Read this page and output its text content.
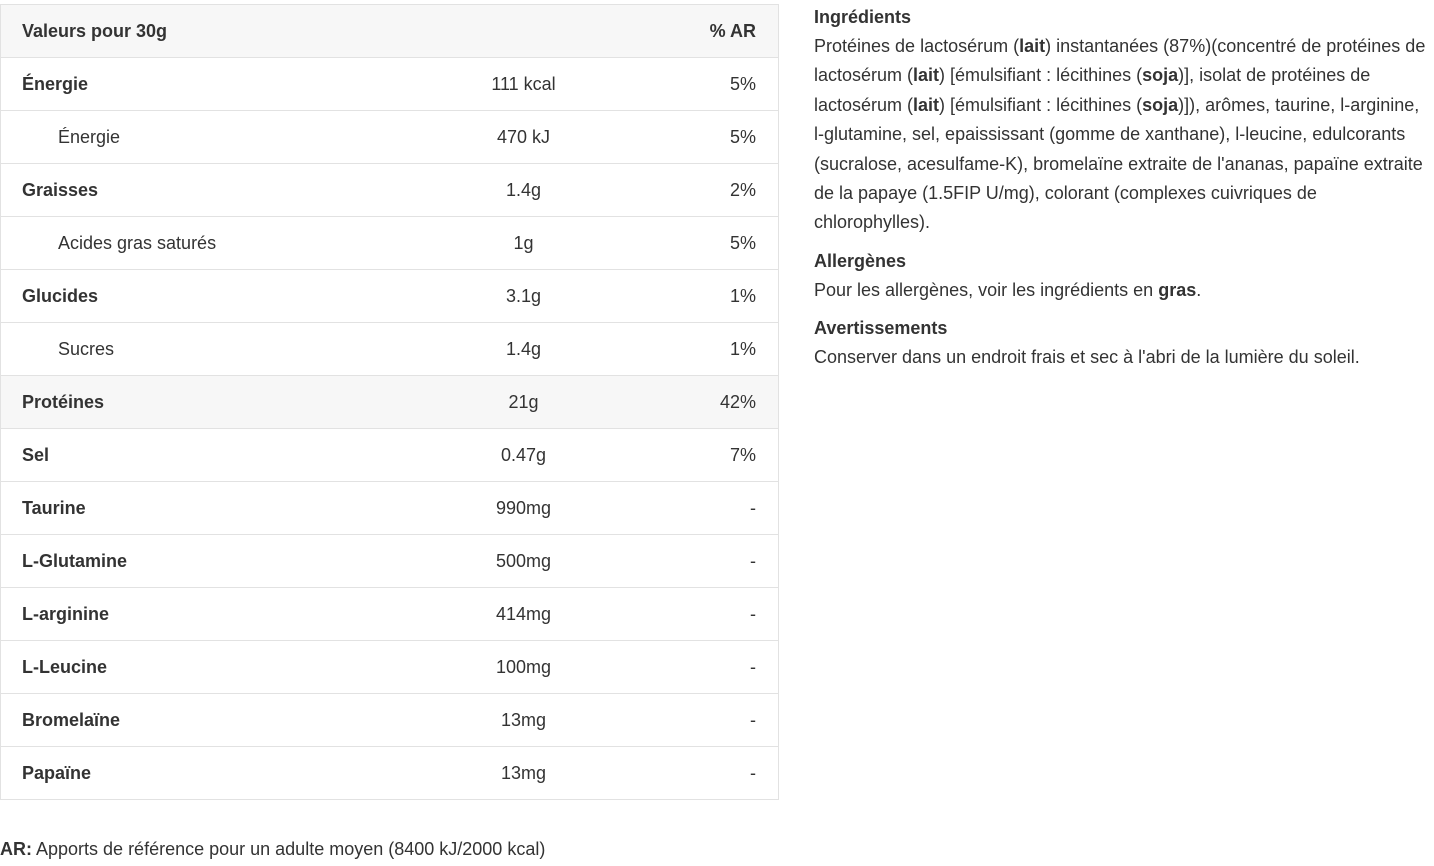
Valeurs pour 30g		% AR
Énergie	111 kcal	5%
Énergie	470 kJ	5%
Graisses	1.4g	2%
Acides gras saturés	1g	5%
Glucides	3.1g	1%
Sucres	1.4g	1%
Protéines	21g	42%
Sel	0.47g	7%
Taurine	990mg	-
L-Glutamine	500mg	-
L-arginine	414mg	-
L-Leucine	100mg	-
Bromelaïne	13mg	-
Papaïne	13mg	-
AR: Apports de référence pour un adulte moyen (8400 kJ/2000 kcal)
Ingrédients

Protéines de lactosérum (lait) instantanées (87%)(concentré de protéines de lactosérum (lait) [émulsifiant : lécithines (soja)], isolat de protéines de lactosérum (lait) [émulsifiant : lécithines (soja)]), arômes, taurine, l-arginine, l-glutamine, sel, epaississant (gomme de xanthane), l-leucine, edulcorants (sucralose, acesulfame-K), bromelaïne extraite de l'ananas, papaïne extraite de la papaye (1.5FIP U/mg), colorant (complexes cuivriques de chlorophylles).

Allergènes

Pour les allergènes, voir les ingrédients en gras.

Avertissements

Conserver dans un endroit frais et sec à l'abri de la lumière du soleil.
